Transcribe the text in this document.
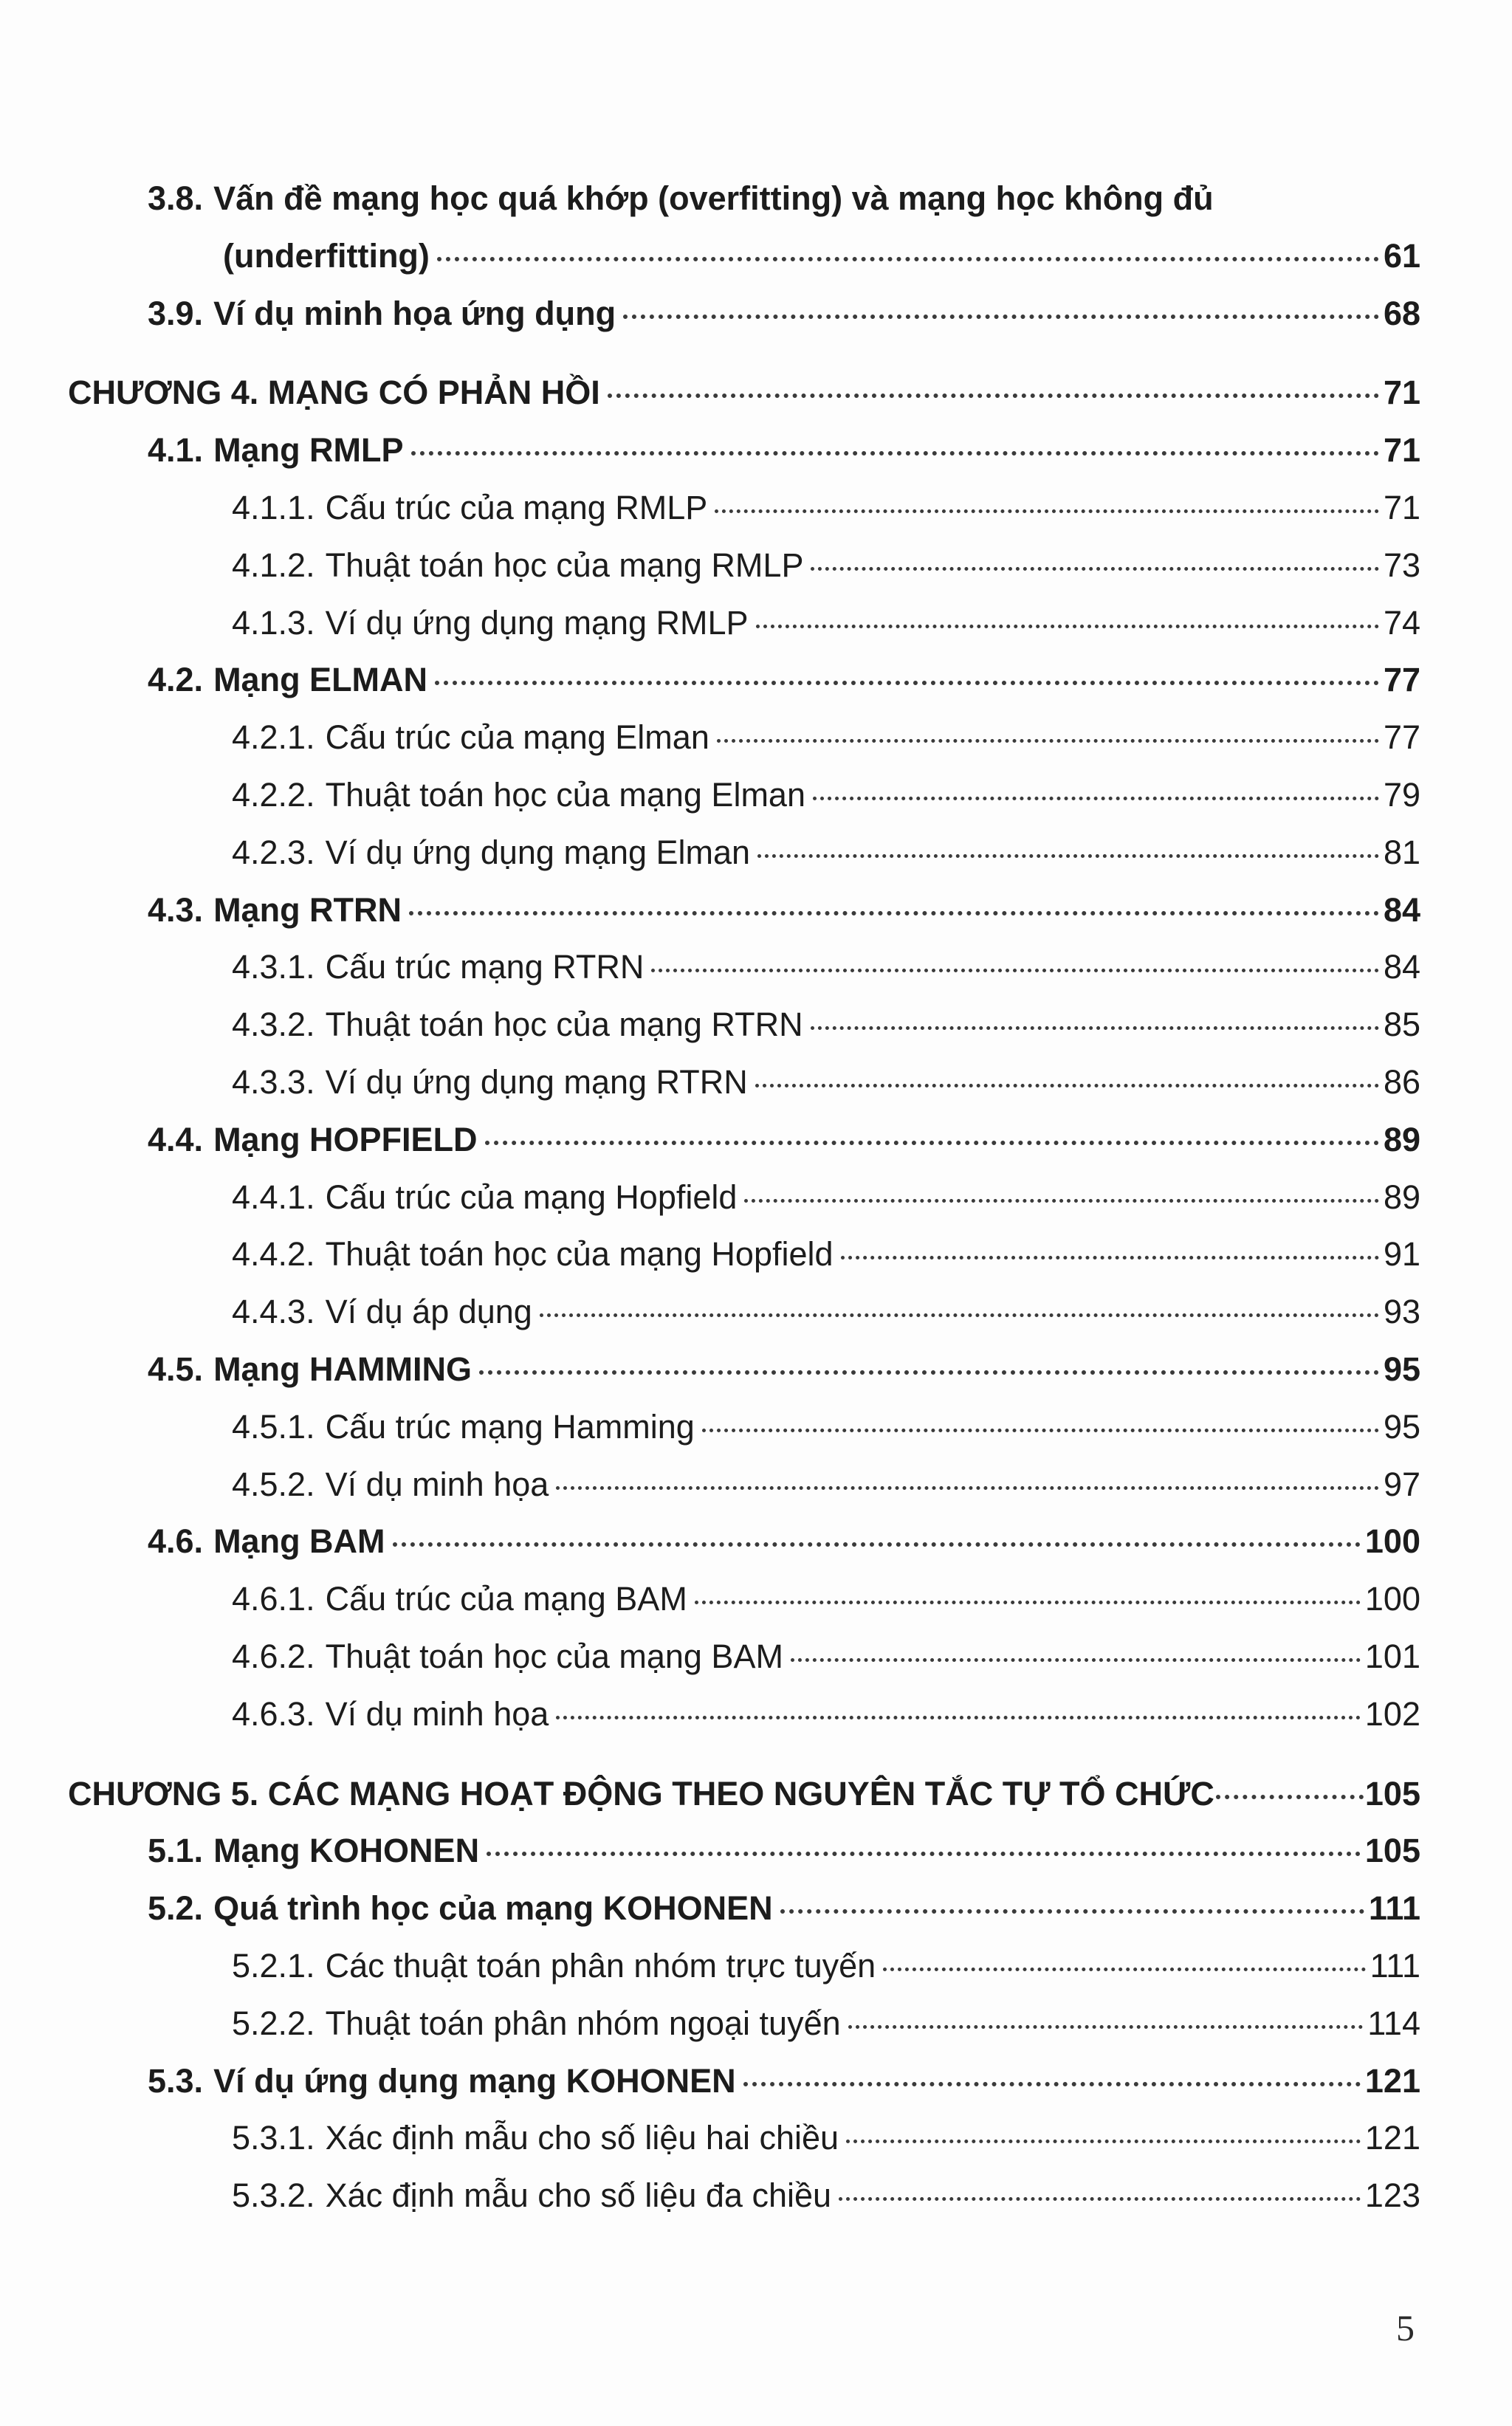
3.8. Vấn đề mạng học quá khớp (overfitting) và mạng học không đủ
(underfitting)	61
3.9. Ví dụ minh họa ứng dụng	68
CHƯƠNG 4. MẠNG CÓ PHẢN HỒI	71
4.1. Mạng RMLP	71
4.1.1. Cấu trúc của mạng RMLP	71
4.1.2. Thuật toán học của mạng RMLP	73
4.1.3. Ví dụ ứng dụng mạng RMLP	74
4.2. Mạng ELMAN	77
4.2.1. Cấu trúc của mạng Elman	77
4.2.2. Thuật toán học của mạng Elman	79
4.2.3. Ví dụ ứng dụng mạng Elman	81
4.3. Mạng RTRN	84
4.3.1. Cấu trúc mạng RTRN	84
4.3.2. Thuật toán học của mạng RTRN	85
4.3.3. Ví dụ ứng dụng mạng RTRN	86
4.4. Mạng HOPFIELD	89
4.4.1. Cấu trúc của mạng Hopfield	89
4.4.2. Thuật toán học của mạng Hopfield	91
4.4.3. Ví dụ áp dụng	93
4.5. Mạng HAMMING	95
4.5.1. Cấu trúc mạng Hamming	95
4.5.2. Ví dụ minh họa	97
4.6. Mạng BAM	100
4.6.1. Cấu trúc của mạng BAM	100
4.6.2. Thuật toán học của mạng BAM	101
4.6.3. Ví dụ minh họa	102
CHƯƠNG 5. CÁC MẠNG HOẠT ĐỘNG THEO NGUYÊN TẮC TỰ TỔ CHỨC	105
5.1. Mạng KOHONEN	105
5.2. Quá trình học của mạng KOHONEN	111
5.2.1. Các thuật toán phân nhóm trực tuyến	111
5.2.2. Thuật toán phân nhóm ngoại tuyến	114
5.3. Ví dụ ứng dụng mạng KOHONEN	121
5.3.1. Xác định mẫu cho số liệu hai chiều	121
5.3.2. Xác định mẫu cho số liệu đa chiều	123
5
